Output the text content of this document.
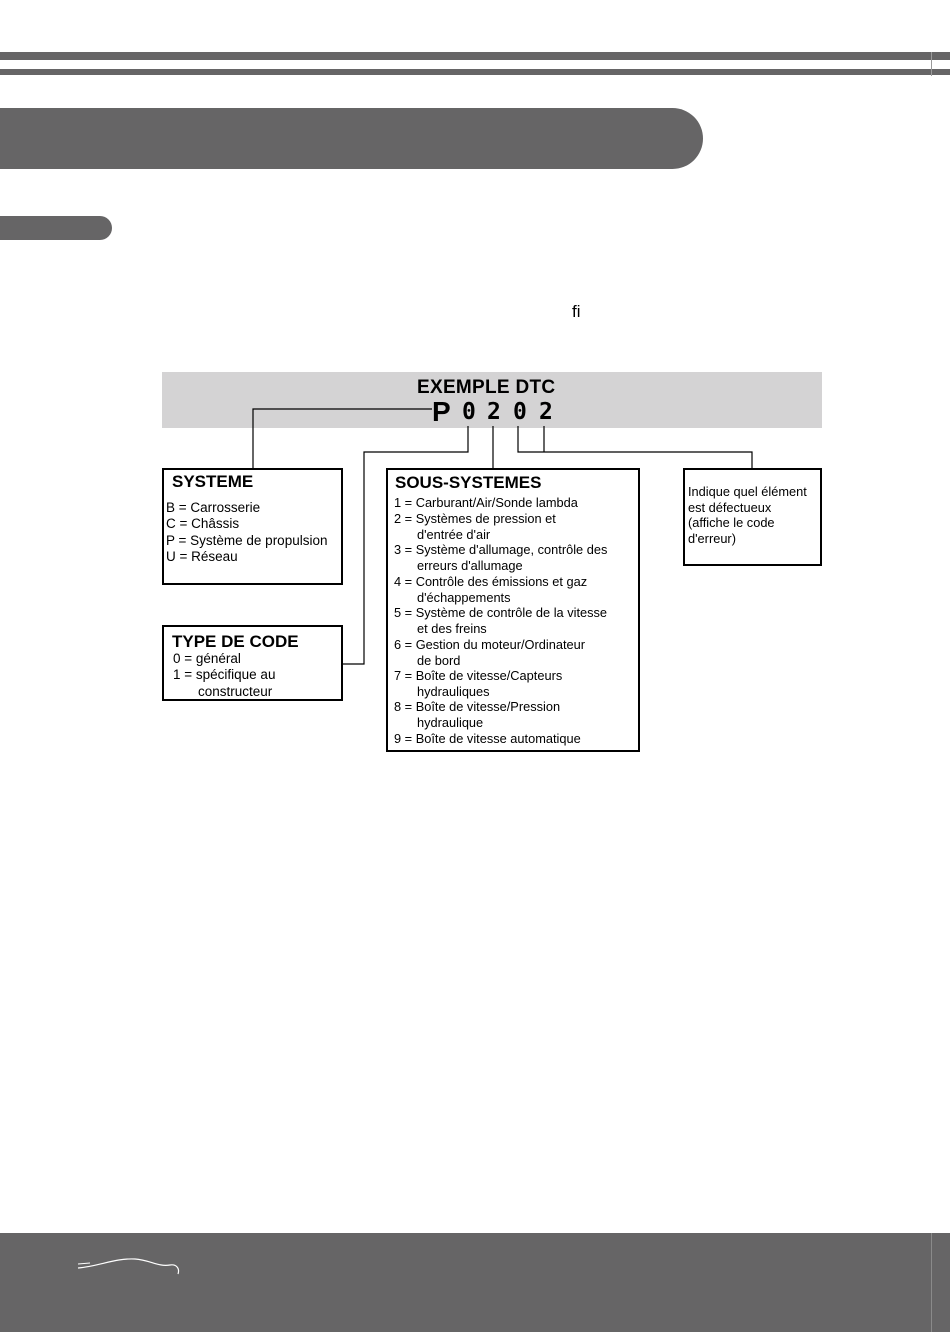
ﬁ
EXEMPLE DTC
P 0 2 0 2
SYSTEME
B = Carrosserie
C = Châssis
P = Système de propulsion
U = Réseau
TYPE DE CODE
0 = général
1 = spécifique au
constructeur
SOUS-SYSTEMES
1 = Carburant/Air/Sonde lambda
2 = Systèmes de pression et
d'entrée d'air
3 = Système d'allumage, contrôle des
erreurs d'allumage
4 = Contrôle des émissions et gaz
d'échappements
5 = Système de contrôle de la vitesse
et des freins
6 = Gestion du moteur/Ordinateur
de bord
7 = Boîte de vitesse/Capteurs
hydrauliques
8 = Boîte de vitesse/Pression
hydraulique
9 = Boîte de vitesse automatique
Indique quel élément
est défectueux
(affiche le code
d'erreur)
